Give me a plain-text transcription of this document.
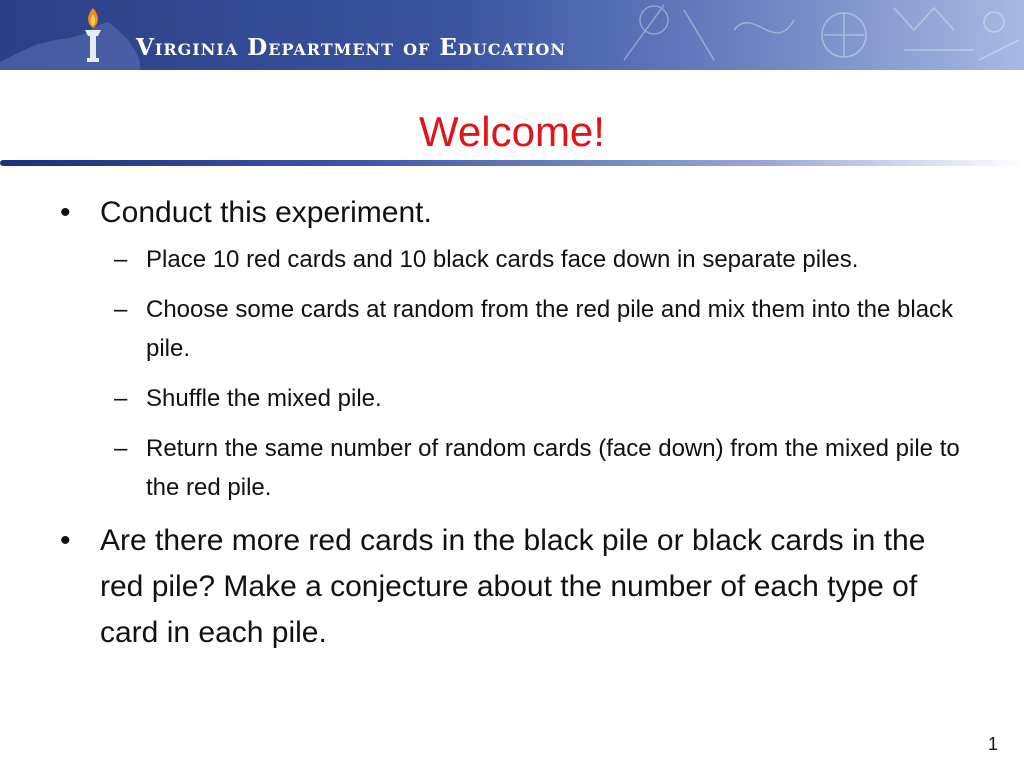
Virginia Department of Education
Welcome!
• Conduct this experiment.
– Place 10 red cards and 10 black cards face down in separate piles.
– Choose some cards at random from the red pile and mix them into the black pile.
– Shuffle the mixed pile.
– Return the same number of random cards (face down) from the mixed pile to the red pile.
• Are there more red cards in the black pile or black cards in the red pile? Make a conjecture about the number of each type of card in each pile.
1
